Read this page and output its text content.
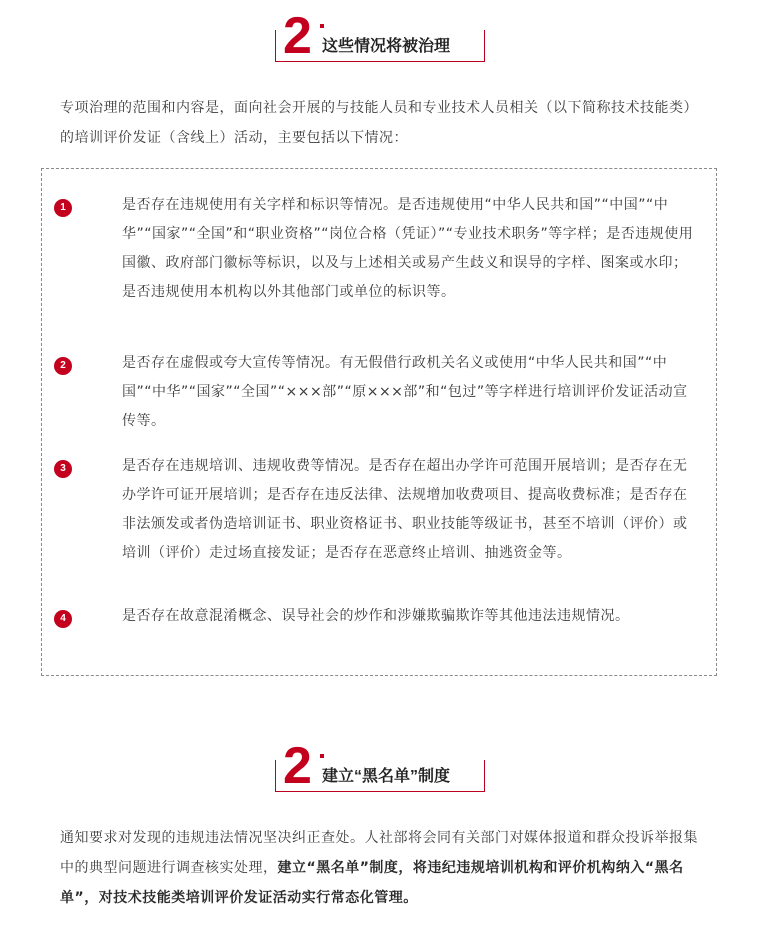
2 这些情况将被治理
专项治理的范围和内容是，面向社会开展的与技能人员和专业技术人员相关（以下简称技术技能类）的培训评价发证（含线上）活动，主要包括以下情况：
1	是否存在违规使用有关字样和标识等情况。是否违规使用“中华人民共和国”“中国”“中华”“国家”“全国”和“职业资格”“岗位合格（凭证）”“专业技术职务”等字样；是否违规使用国徽、政府部门徽标等标识，以及与上述相关或易产生歧义和误导的字样、图案或水印；是否违规使用本机构以外其他部门或单位的标识等。
2	是否存在虚假或夸大宣传等情况。有无假借行政机关名义或使用“中华人民共和国”“中国”“中华”“国家”“全国”“×××部”“原×××部”和“包过”等字样进行培训评价发证活动宣传等。
3	是否存在违规培训、违规收费等情况。是否存在超出办学许可范围开展培训；是否存在无办学许可证开展培训；是否存在违反法律、法规增加收费项目、提高收费标准；是否存在非法颁发或者伪造培训证书、职业资格证书、职业技能等级证书，甚至不培训（评价）或培训（评价）走过场直接发证；是否存在恶意终止培训、抽逃资金等。
4	是否存在故意混淆概念、误导社会的炒作和涉嫌欺骗欺诈等其他违法违规情况。
2 建立“黑名单”制度
通知要求对发现的违规违法情况坚决纠正查处。人社部将会同有关部门对媒体报道和群众投诉举报集中的典型问题进行调查核实处理，建立“黑名单”制度，将违纪违规培训机构和评价机构纳入“黑名单”，对技术技能类培训评价发证活动实行常态化管理。
